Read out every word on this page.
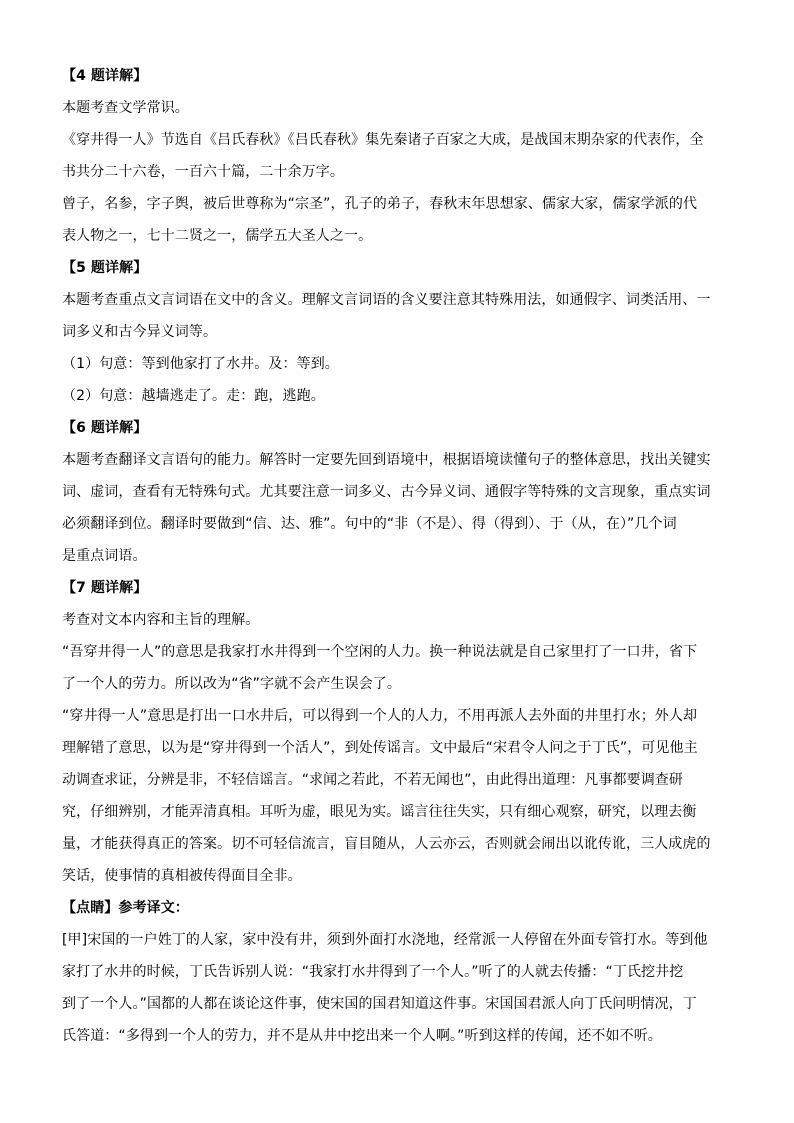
【4 题详解】
本题考查文学常识。
《穿井得一人》节选自《吕氏春秋》《吕氏春秋》集先秦诸子百家之大成，是战国末期杂家的代表作，全
书共分二十六卷，一百六十篇，二十余万字。
曾子，名参，字子舆，被后世尊称为“宗圣”，孔子的弟子，春秋末年思想家、儒家大家，儒家学派的代
表人物之一，七十二贤之一，儒学五大圣人之一。
【5 题详解】
本题考查重点文言词语在文中的含义。理解文言词语的含义要注意其特殊用法，如通假字、词类活用、一
词多义和古今异义词等。
（1）句意：等到他家打了水井。及：等到。
（2）句意：越墙逃走了。走：跑，逃跑。
【6 题详解】
本题考查翻译文言语句的能力。解答时一定要先回到语境中，根据语境读懂句子的整体意思，找出关键实
词、虚词，查看有无特殊句式。尤其要注意一词多义、古今异义词、通假字等特殊的文言现象，重点实词
必须翻译到位。翻译时要做到“信、达、雅”。句中的“非（不是）、得（得到）、于（从，在）”几个词
是重点词语。
【7 题详解】
考查对文本内容和主旨的理解。
“吾穿井得一人”的意思是我家打水井得到一个空闲的人力。换一种说法就是自己家里打了一口井，省下
了一个人的劳力。所以改为“省”字就不会产生误会了。
“穿井得一人”意思是打出一口水井后，可以得到一个人的人力，不用再派人去外面的井里打水；外人却
理解错了意思，以为是“穿井得到一个活人”，到处传谣言。文中最后“宋君令人问之于丁氏”，可见他主
动调查求证，分辨是非，不轻信谣言。“求闻之若此，不若无闻也”，由此得出道理：凡事都要调查研
究，仔细辨别，才能弄清真相。耳听为虚，眼见为实。谣言往往失实，只有细心观察，研究，以理去衡
量，才能获得真正的答案。切不可轻信流言，盲目随从，人云亦云，否则就会闹出以讹传讹，三人成虎的
笑话，使事情的真相被传得面目全非。
【点睛】参考译文：
[甲]宋国的一户姓丁的人家，家中没有井，须到外面打水浇地，经常派一人停留在外面专管打水。等到他
家打了水井的时候，丁氏告诉别人说：“我家打水井得到了一个人。”听了的人就去传播：“丁氏挖井挖
到了一个人。”国都的人都在谈论这件事，使宋国的国君知道这件事。宋国国君派人向丁氏问明情况，丁
氏答道：“多得到一个人的劳力，并不是从井中挖出来一个人啊。”听到这样的传闻，还不如不听。
